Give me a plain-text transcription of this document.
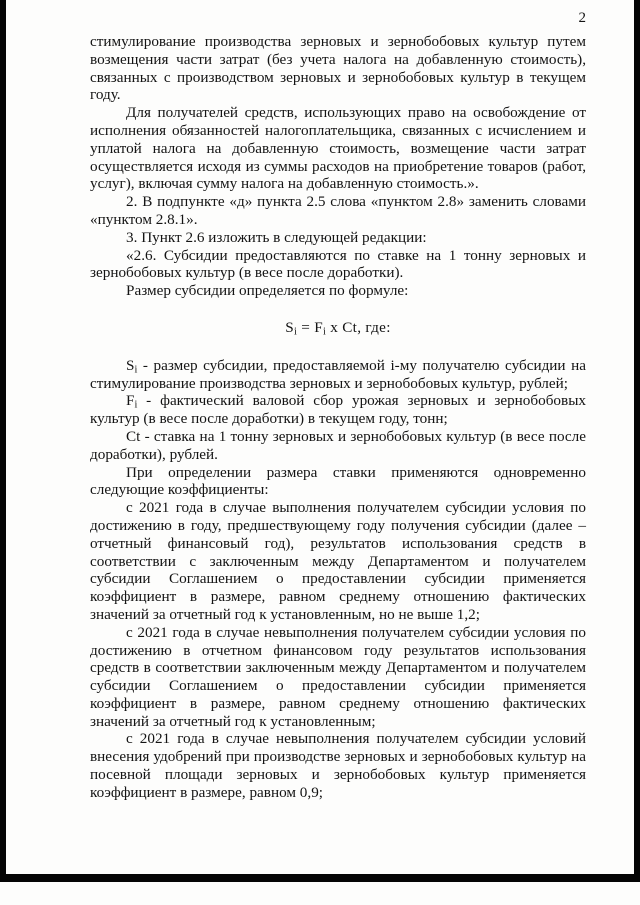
2

стимулирование производства зерновых и зернобобовых культур путем возмещения части затрат (без учета налога на добавленную стоимость), связанных с производством зерновых и зернобобовых культур в текущем году.

Для получателей средств, использующих право на освобождение от исполнения обязанностей налогоплательщика, связанных с исчислением и уплатой налога на добавленную стоимость, возмещение части затрат осуществляется исходя из суммы расходов на приобретение товаров (работ, услуг), включая сумму налога на добавленную стоимость.».

2. В подпункте «д» пункта 2.5 слова «пунктом 2.8» заменить словами «пунктом 2.8.1».

3. Пункт 2.6 изложить в следующей редакции:

«2.6. Субсидии предоставляются по ставке на 1 тонну зерновых и зернобобовых культур (в весе после доработки).

Размер субсидии определяется по формуле:

$S_i = F_i$ x Ct, где:

$S_i$ - размер субсидии, предоставляемой i-му получателю субсидии на стимулирование производства зерновых и зернобобовых культур, рублей;

$F_i$ - фактический валовой сбор урожая зерновых и зернобобовых культур (в весе после доработки) в текущем году, тонн;

Ct - ставка на 1 тонну зерновых и зернобобовых культур (в весе после доработки), рублей.

При определении размера ставки применяются одновременно следующие коэффициенты:

с 2021 года в случае выполнения получателем субсидии условия по достижению в году, предшествующему году получения субсидии (далее – отчетный финансовый год), результатов использования средств в соответствии с заключенным между Департаментом и получателем субсидии Соглашением о предоставлении субсидии применяется коэффициент в размере, равном среднему отношению фактических значений за отчетный год к установленным, но не выше 1,2;

с 2021 года в случае невыполнения получателем субсидии условия по достижению в отчетном финансовом году результатов использования средств в соответствии заключенным между Департаментом и получателем субсидии Соглашением о предоставлении субсидии применяется коэффициент в размере, равном среднему отношению фактических значений за отчетный год к установленным;

с 2021 года в случае невыполнения получателем субсидии условий внесения удобрений при производстве зерновых и зернобобовых культур на посевной площади зерновых и зернобобовых культур применяется коэффициент в размере, равном 0,9;
